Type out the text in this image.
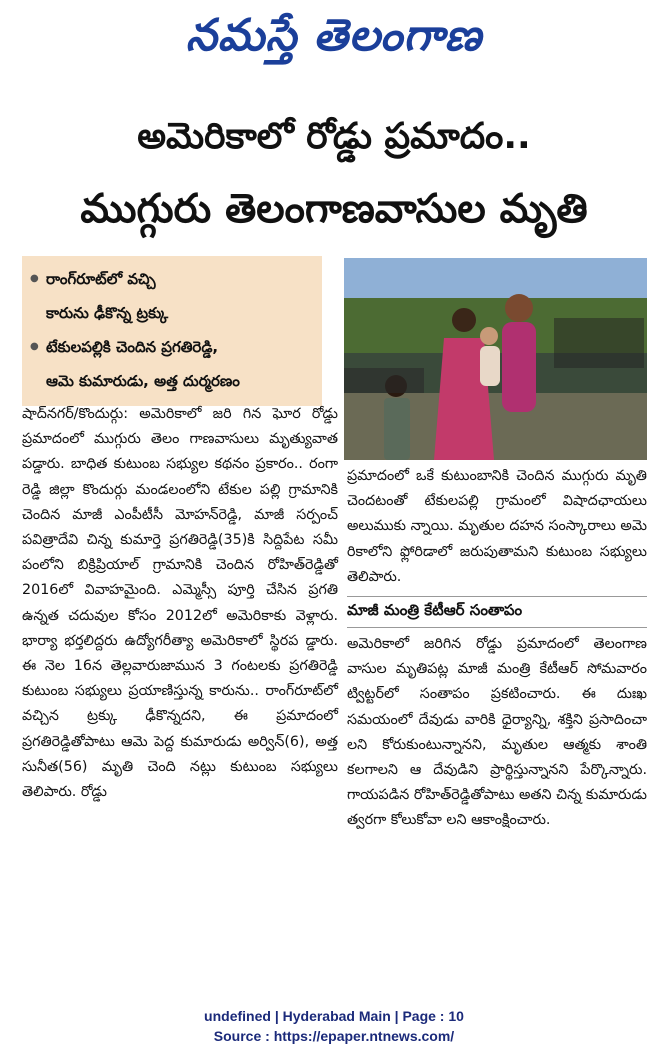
నమస్తే తెలంగాణ
అమెరికాలో రోడ్డు ప్రమాదం..
ముగ్గురు తెలంగాణవాసుల మృతి
● రాంగ్‌రూట్‌లో వచ్చి
కారును ఢీకొన్న ట్రక్కు
● టేకులపల్లికి చెందిన ప్రగతిరెడ్డి,
ఆమె కుమారుడు, అత్త దుర్మరణం

షాద్‌నగర్/కొందుర్గు: అమెరికాలో జరి గిన ఘోర రోడ్డు ప్రమాదంలో ముగ్గురు తెలం గాణవాసులు మృత్యువాత పడ్డారు. బాధిత కుటుంబ సభ్యుల కథనం ప్రకారం.. రంగా రెడ్డి జిల్లా కొందుర్గు మండలంలోని టేకుల పల్లి గ్రామానికి చెందిన మాజీ ఎంపీటీసీ మోహన్‌రెడ్డి, మాజీ సర్పంచ్ పవిత్రాదేవి చిన్న కుమార్తె ప్రగతిరెడ్డి(35)కి సిద్దిపేట సమీ పంలోని బిక్రిప్రియాల్ గ్రామానికి చెందిన రోహిత్‌రెడ్డితో 2016లో వివాహమైంది. ఎమ్మెస్సీ పూర్తి చేసిన ప్రగతి ఉన్నత చదువుల కోసం 2012లో అమెరికాకు వెళ్లారు. భార్యా భర్తలిద్దరు ఉద్యోగరీత్యా అమెరికాలో స్థిరప డ్డారు. ఈ నెల 16న తెల్లవారుజామున 3 గంటలకు ప్రగతిరెడ్డి కుటుంబ సభ్యులు ప్రయాణిస్తున్న కారును.. రాంగ్‌రూట్‌లో వచ్చిన ట్రక్కు ఢీకొన్నదని, ఈ ప్రమాదంలో ప్రగతిరెడ్డితోపాటు ఆమె పెద్ద కుమారుడు అర్విన్(6), అత్త సునీత(56) మృతి చెంది నట్లు కుటుంబ సభ్యులు తెలిపారు. రోడ్డు

ప్రమాదంలో ఒకే కుటుంబానికి చెందిన ముగ్గురు మృతి చెందటంతో టేకులపల్లి గ్రామంలో విషాదఛాయలు అలుముకు న్నాయి. మృతుల దహన సంస్కారాలు అమె రికాలోని ఫ్లోరిడాలో జరుపుతామని కుటుంబ సభ్యులు తెలిపారు.

మాజీ మంత్రి కేటీఆర్ సంతాపం

అమెరికాలో జరిగిన రోడ్డు ప్రమాదంలో తెలంగాణ వాసుల మృతిపట్ల మాజీ మంత్రి కేటీఆర్ సోమవారం ట్విట్టర్‌లో సంతాపం ప్రకటించారు. ఈ దుఃఖ సమయంలో దేవుడు వారికి ధైర్యాన్ని, శక్తిని ప్రసాదించా లని కోరుకుంటున్నానని, మృతుల ఆత్మకు శాంతి కలగాలని ఆ దేవుడిని ప్రార్థిస్తున్నానని పేర్కొన్నారు. గాయపడిన రోహిత్‌రెడ్డితోపాటు అతని చిన్న కుమారుడు త్వరగా కోలుకోవా లని ఆకాంక్షించారు.

undefined | Hyderabad Main | Page : 10
Source : https://epaper.ntnews.com/
